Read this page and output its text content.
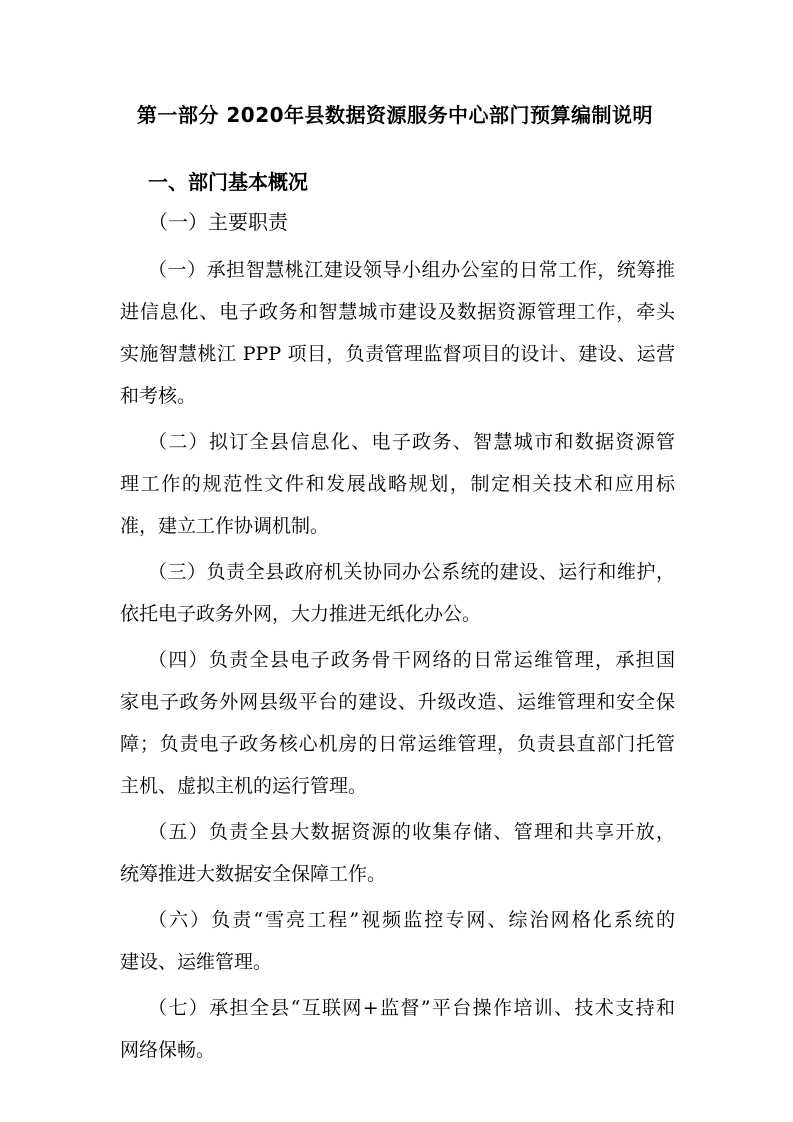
第一部分 2020年县数据资源服务中心部门预算编制说明
一、部门基本概况
（一）主要职责
（一）承担智慧桃江建设领导小组办公室的日常工作，统筹推
进信息化、电子政务和智慧城市建设及数据资源管理工作，牵头
实施智慧桃江 PPP 项目，负责管理监督项目的设计、建设、运营
和考核。
（二）拟订全县信息化、电子政务、智慧城市和数据资源管
理工作的规范性文件和发展战略规划，制定相关技术和应用标
准，建立工作协调机制。
（三）负责全县政府机关协同办公系统的建设、运行和维护，
依托电子政务外网，大力推进无纸化办公。
（四）负责全县电子政务骨干网络的日常运维管理，承担国
家电子政务外网县级平台的建设、升级改造、运维管理和安全保
障；负责电子政务核心机房的日常运维管理，负责县直部门托管
主机、虚拟主机的运行管理。
（五）负责全县大数据资源的收集存储、管理和共享开放，
统筹推进大数据安全保障工作。
（六）负责“雪亮工程”视频监控专网、综治网格化系统的
建设、运维管理。
（七）承担全县“互联网+监督”平台操作培训、技术支持和
网络保畅。
